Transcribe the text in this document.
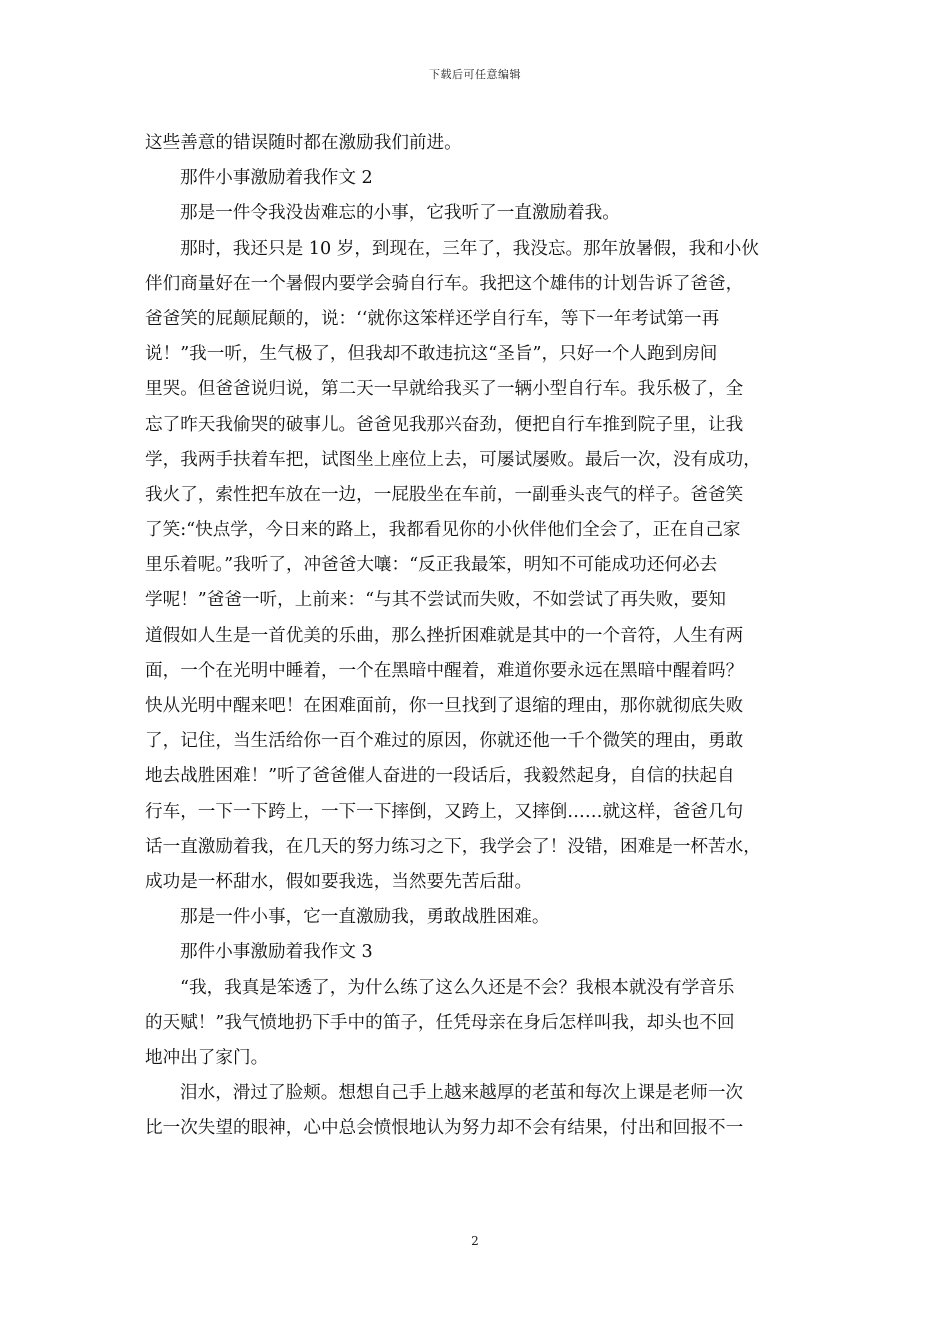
下载后可任意编辑
这些善意的错误随时都在激励我们前进。
那件小事激励着我作文 2
那是一件令我没齿难忘的小事，它我听了一直激励着我。
那时，我还只是 10 岁，到现在，三年了，我没忘。那年放暑假，我和小伙
伴们商量好在一个暑假内要学会骑自行车。我把这个雄伟的计划告诉了爸爸，
爸爸笑的屁颠屁颠的，说：‘‘就你这笨样还学自行车，等下一年考试第一再
说！”我一听，生气极了，但我却不敢违抗这“圣旨”，只好一个人跑到房间
里哭。但爸爸说归说，第二天一早就给我买了一辆小型自行车。我乐极了，全
忘了昨天我偷哭的破事儿。爸爸见我那兴奋劲，便把自行车推到院子里，让我
学，我两手扶着车把，试图坐上座位上去，可屡试屡败。最后一次，没有成功，
我火了，索性把车放在一边，一屁股坐在车前，一副垂头丧气的样子。爸爸笑
了笑:“快点学，今日来的路上，我都看见你的小伙伴他们全会了，正在自己家
里乐着呢。”我听了，冲爸爸大嚷：“反正我最笨，明知不可能成功还何必去
学呢！”爸爸一听，上前来：“与其不尝试而失败，不如尝试了再失败，要知
道假如人生是一首优美的乐曲，那么挫折困难就是其中的一个音符，人生有两
面，一个在光明中睡着，一个在黑暗中醒着，难道你要永远在黑暗中醒着吗？
快从光明中醒来吧！在困难面前，你一旦找到了退缩的理由，那你就彻底失败
了，记住，当生活给你一百个难过的原因，你就还他一千个微笑的理由，勇敢
地去战胜困难！”听了爸爸催人奋进的一段话后，我毅然起身，自信的扶起自
行车，一下一下跨上，一下一下摔倒，又跨上，又摔倒……就这样，爸爸几句
话一直激励着我，在几天的努力练习之下，我学会了！没错，困难是一杯苦水，
成功是一杯甜水，假如要我选，当然要先苦后甜。
那是一件小事，它一直激励我，勇敢战胜困难。
那件小事激励着我作文 3
“我，我真是笨透了，为什么练了这么久还是不会？我根本就没有学音乐
的天赋！”我气愤地扔下手中的笛子，任凭母亲在身后怎样叫我，却头也不回
地冲出了家门。
泪水，滑过了脸颊。想想自己手上越来越厚的老茧和每次上课是老师一次
比一次失望的眼神，心中总会愤恨地认为努力却不会有结果，付出和回报不一
2
